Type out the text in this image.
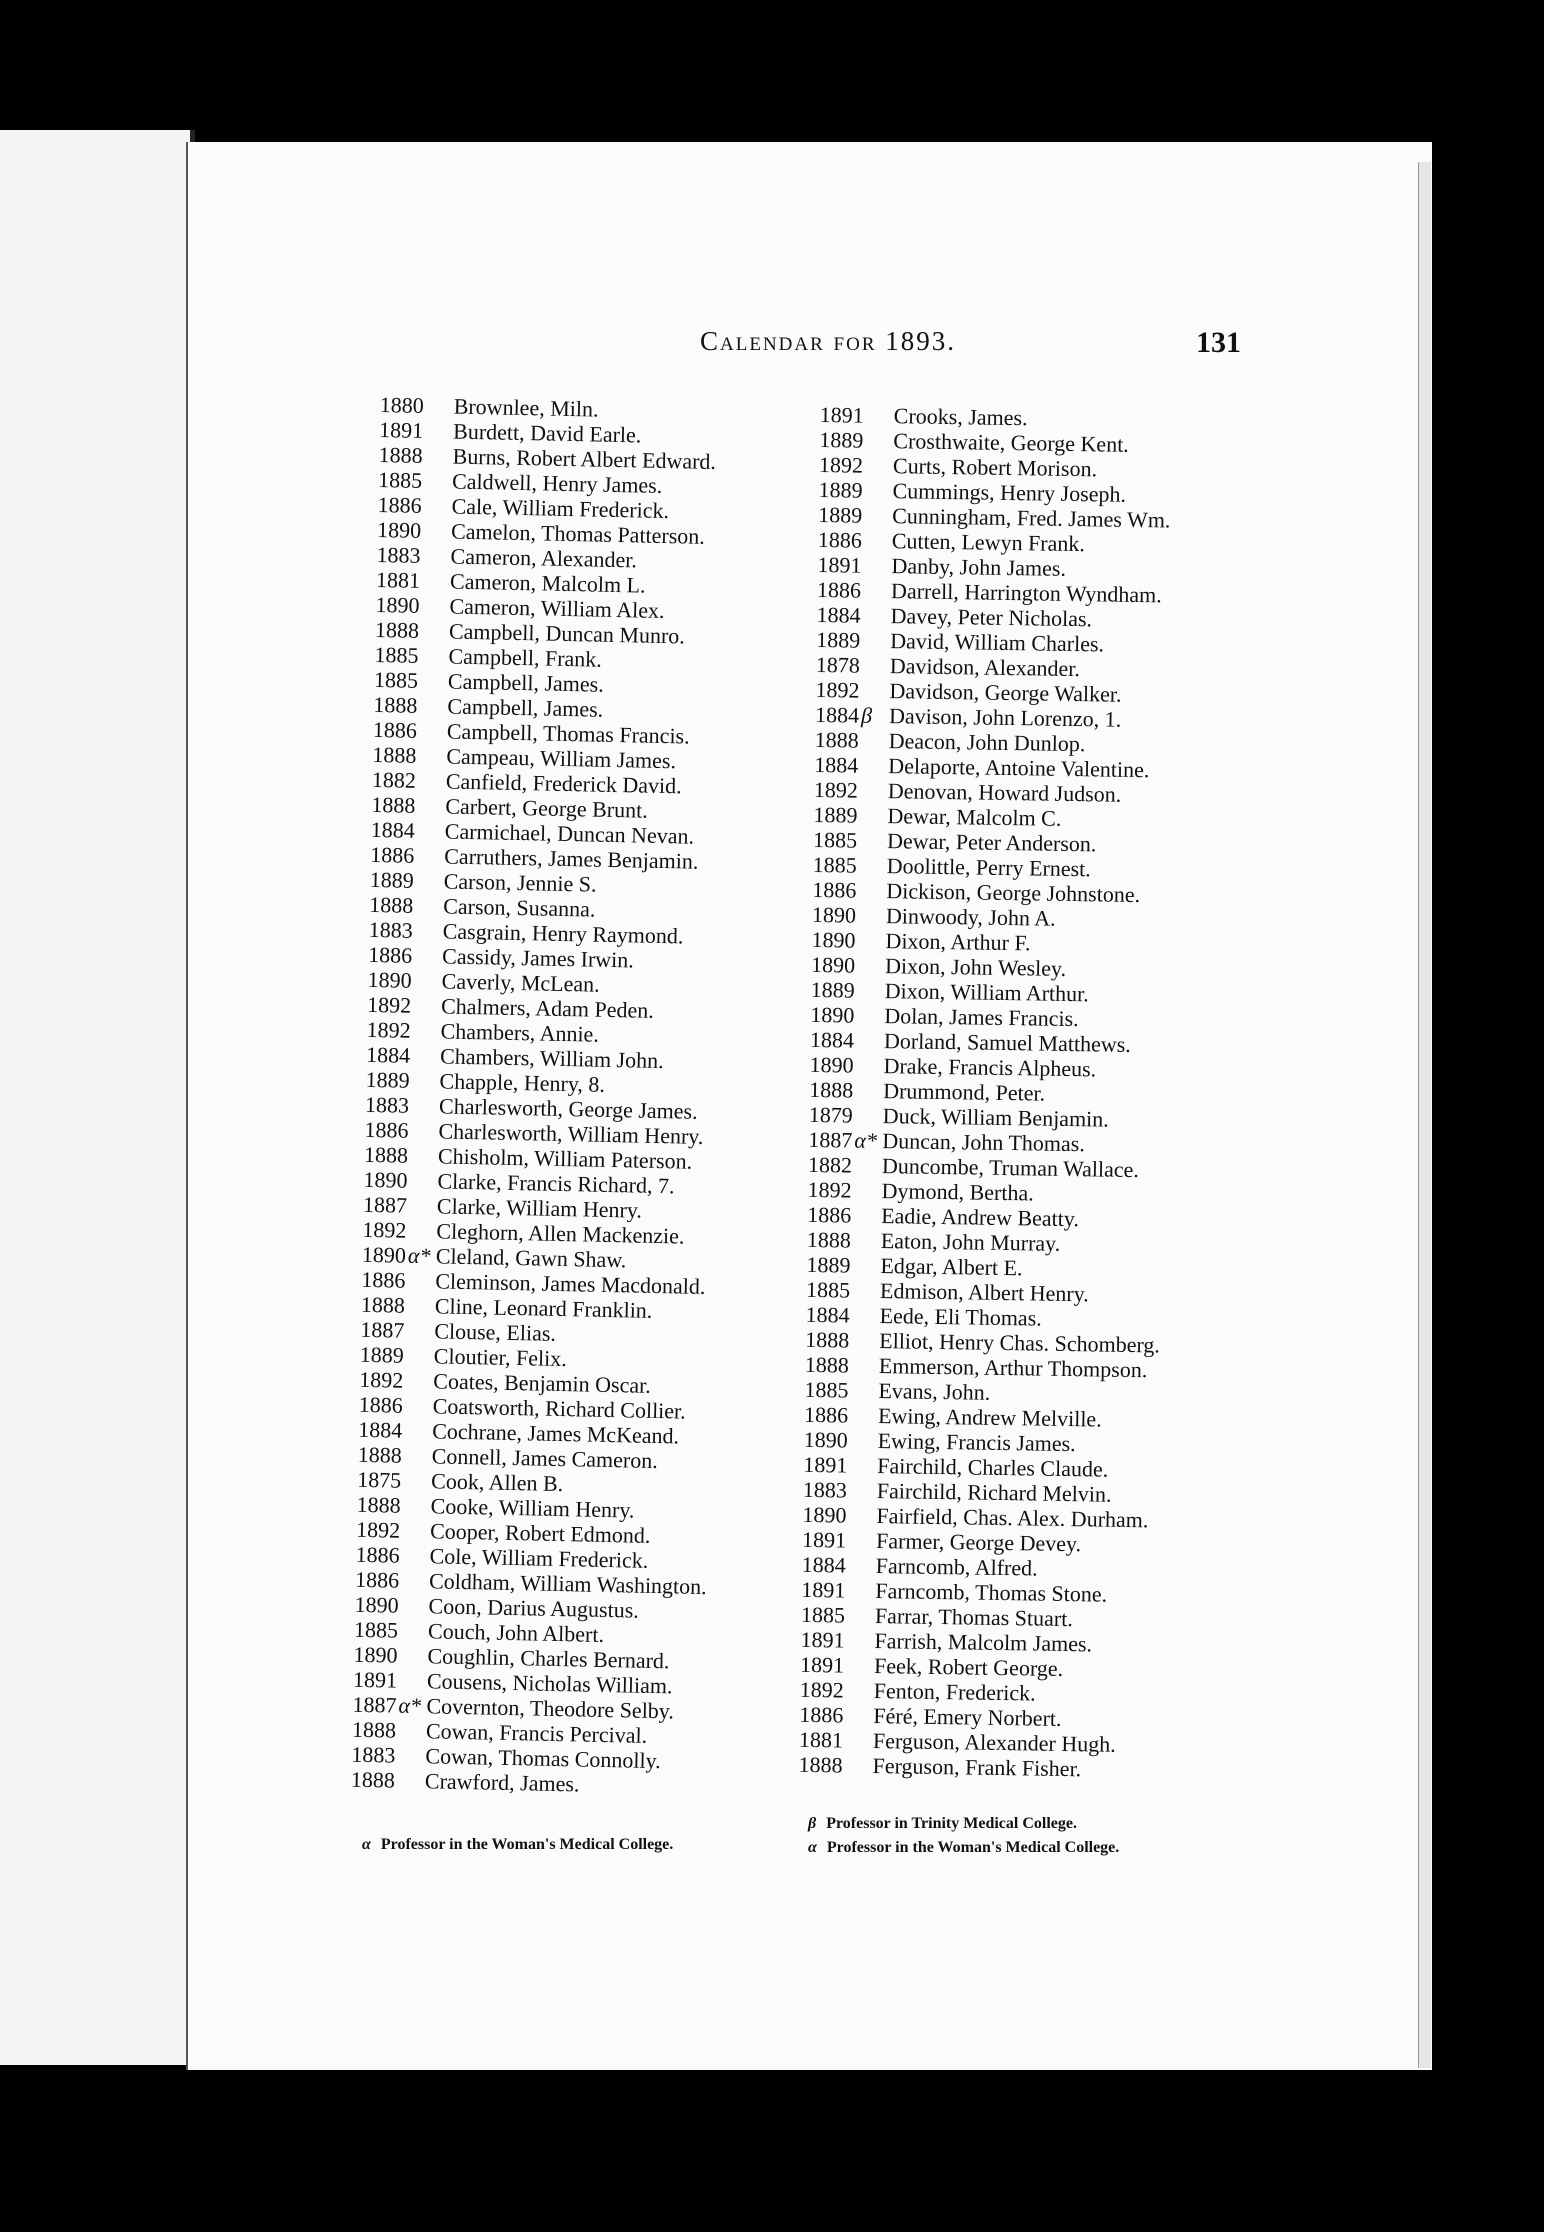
Calendar for 1893.	131
1880 Brownlee, Miln.
1891 Burdett, David Earle.
1888 Burns, Robert Albert Edward.
1885 Caldwell, Henry James.
1886 Cale, William Frederick.
1890 Camelon, Thomas Patterson.
1883 Cameron, Alexander.
1881 Cameron, Malcolm L.
1890 Cameron, William Alex.
1888 Campbell, Duncan Munro.
1885 Campbell, Frank.
1885 Campbell, James.
1888 Campbell, James.
1886 Campbell, Thomas Francis.
1888 Campeau, William James.
1882 Canfield, Frederick David.
1888 Carbert, George Brunt.
1884 Carmichael, Duncan Nevan.
1886 Carruthers, James Benjamin.
1889 Carson, Jennie S.
1888 Carson, Susanna.
1883 Casgrain, Henry Raymond.
1886 Cassidy, James Irwin.
1890 Caverly, McLean.
1892 Chalmers, Adam Peden.
1892 Chambers, Annie.
1884 Chambers, William John.
1889 Chapple, Henry, 8.
1883 Charlesworth, George James.
1886 Charlesworth, William Henry.
1888 Chisholm, William Paterson.
1890 Clarke, Francis Richard, 7.
1887 Clarke, William Henry.
1892 Cleghorn, Allen Mackenzie.
1890 α* Cleland, Gawn Shaw.
1886 Cleminson, James Macdonald.
1888 Cline, Leonard Franklin.
1887 Clouse, Elias.
1889 Cloutier, Felix.
1892 Coates, Benjamin Oscar.
1886 Coatsworth, Richard Collier.
1884 Cochrane, James McKeand.
1888 Connell, James Cameron.
1875 Cook, Allen B.
1888 Cooke, William Henry.
1892 Cooper, Robert Edmond.
1886 Cole, William Frederick.
1886 Coldham, William Washington.
1890 Coon, Darius Augustus.
1885 Couch, John Albert.
1890 Coughlin, Charles Bernard.
1891 Cousens, Nicholas William.
1887 α* Covernton, Theodore Selby.
1888 Cowan, Francis Percival.
1883 Cowan, Thomas Connolly.
1888 Crawford, James.
1891 Crooks, James.
1889 Crosthwaite, George Kent.
1892 Curts, Robert Morison.
1889 Cummings, Henry Joseph.
1889 Cunningham, Fred. James Wm.
1886 Cutten, Lewyn Frank.
1891 Danby, John James.
1886 Darrell, Harrington Wyndham.
1884 Davey, Peter Nicholas.
1889 David, William Charles.
1878 Davidson, Alexander.
1892 Davidson, George Walker.
1884 β Davison, John Lorenzo, 1.
1888 Deacon, John Dunlop.
1884 Delaporte, Antoine Valentine.
1892 Denovan, Howard Judson.
1889 Dewar, Malcolm C.
1885 Dewar, Peter Anderson.
1885 Doolittle, Perry Ernest.
1886 Dickison, George Johnstone.
1890 Dinwoody, John A.
1890 Dixon, Arthur F.
1890 Dixon, John Wesley.
1889 Dixon, William Arthur.
1890 Dolan, James Francis.
1884 Dorland, Samuel Matthews.
1890 Drake, Francis Alpheus.
1888 Drummond, Peter.
1879 Duck, William Benjamin.
1887 α* Duncan, John Thomas.
1882 Duncombe, Truman Wallace.
1892 Dymond, Bertha.
1886 Eadie, Andrew Beatty.
1888 Eaton, John Murray.
1889 Edgar, Albert E.
1885 Edmison, Albert Henry.
1884 Eede, Eli Thomas.
1888 Elliot, Henry Chas. Schomberg.
1888 Emmerson, Arthur Thompson.
1885 Evans, John.
1886 Ewing, Andrew Melville.
1890 Ewing, Francis James.
1891 Fairchild, Charles Claude.
1883 Fairchild, Richard Melvin.
1890 Fairfield, Chas. Alex. Durham.
1891 Farmer, George Devey.
1884 Farncomb, Alfred.
1891 Farncomb, Thomas Stone.
1885 Farrar, Thomas Stuart.
1891 Farrish, Malcolm James.
1891 Feek, Robert George.
1892 Fenton, Frederick.
1886 Féré, Emery Norbert.
1881 Ferguson, Alexander Hugh.
1888 Ferguson, Frank Fisher.
α Professor in the Woman's Medical College.
β Professor in Trinity Medical College.
α Professor in the Woman's Medical College.
